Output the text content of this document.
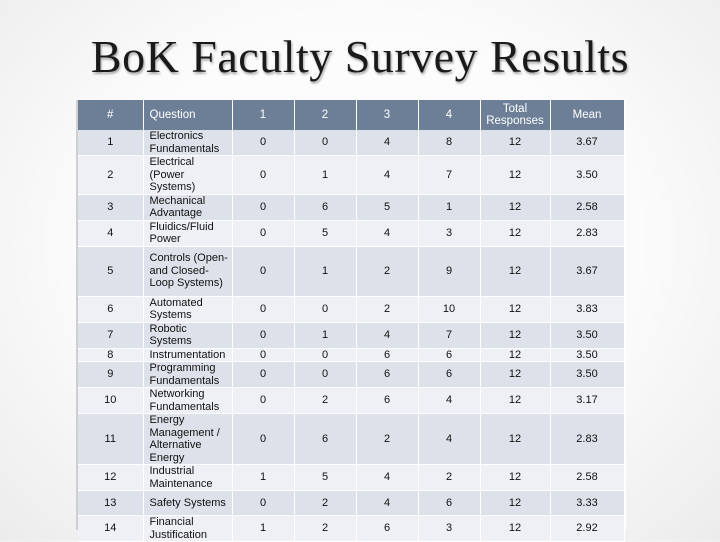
BoK Faculty Survey Results
#	Question	1	2	3	4	Total Responses	Mean
1	Electronics Fundamentals	0	0	4	8	12	3.67
2	Electrical (Power Systems)	0	1	4	7	12	3.50
3	Mechanical Advantage	0	6	5	1	12	2.58
4	Fluidics/Fluid Power	0	5	4	3	12	2.83
5	Controls (Open- and Closed-Loop Systems)	0	1	2	9	12	3.67
6	Automated Systems	0	0	2	10	12	3.83
7	Robotic Systems	0	1	4	7	12	3.50
8	Instrumentation	0	0	6	6	12	3.50
9	Programming Fundamentals	0	0	6	6	12	3.50
10	Networking Fundamentals	0	2	6	4	12	3.17
11	Energy Management / Alternative Energy	0	6	2	4	12	2.83
12	Industrial Maintenance	1	5	4	2	12	2.58
13	Safety Systems	0	2	4	6	12	3.33
14	Financial Justification	1	2	6	3	12	2.92
